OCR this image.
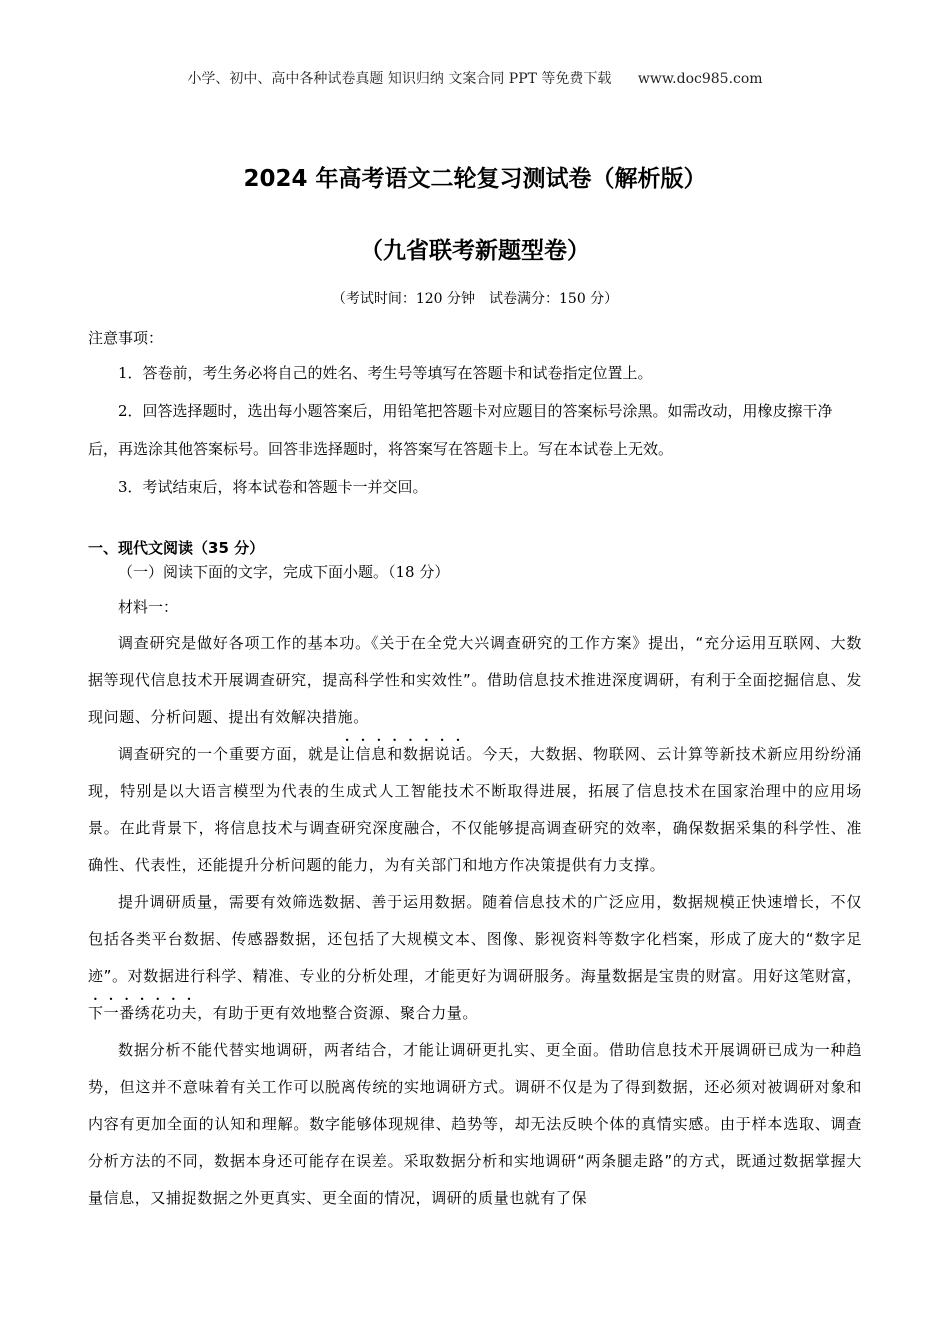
小学、初中、高中各种试卷真题 知识归纳 文案合同 PPT 等免费下载 www.doc985.com
2024 年高考语文二轮复习测试卷（解析版）
（九省联考新题型卷）
（考试时间：120 分钟 试卷满分：150 分）
注意事项：

1．答卷前，考生务必将自己的姓名、考生号等填写在答题卡和试卷指定位置上。

2．回答选择题时，选出每小题答案后，用铅笔把答题卡对应题目的答案标号涂黑。如需改动，用橡皮擦干净后，再选涂其他答案标号。回答非选择题时，将答案写在答题卡上。写在本试卷上无效。

3．考试结束后，将本试卷和答题卡一并交回。

一、现代文阅读（35 分）
（一）阅读下面的文字，完成下面小题。（18 分）
材料一：

调查研究是做好各项工作的基本功。《关于在全党大兴调查研究的工作方案》提出，“充分运用互联网、大数据等现代信息技术开展调查研究，提高科学性和实效性”。借助信息技术推进深度调研，有利于全面挖掘信息、发现问题、分析问题、提出有效解决措施。

调查研究的一个重要方面，就是让信息和数据说话。今天，大数据、物联网、云计算等新技术新应用纷纷涌现，特别是以大语言模型为代表的生成式人工智能技术不断取得进展，拓展了信息技术在国家治理中的应用场景。在此背景下，将信息技术与调查研究深度融合，不仅能够提高调查研究的效率，确保数据采集的科学性、准确性、代表性，还能提升分析问题的能力，为有关部门和地方作决策提供有力支撑。

提升调研质量，需要有效筛选数据、善于运用数据。随着信息技术的广泛应用，数据规模正快速增长，不仅包括各类平台数据、传感器数据，还包括了大规模文本、图像、影视资料等数字化档案，形成了庞大的“数字足迹”。对数据进行科学、精准、专业的分析处理，才能更好为调研服务。海量数据是宝贵的财富。用好这笔财富，下一番绣花功夫，有助于更有效地整合资源、聚合力量。

数据分析不能代替实地调研，两者结合，才能让调研更扎实、更全面。借助信息技术开展调研已成为一种趋势，但这并不意味着有关工作可以脱离传统的实地调研方式。调研不仅是为了得到数据，还必须对被调研对象和内容有更加全面的认知和理解。数字能够体现规律、趋势等，却无法反映个体的真情实感。由于样本选取、调查分析方法的不同，数据本身还可能存在误差。采取数据分析和实地调研“两条腿走路”的方式，既通过数据掌握大量信息，又捕捉数据之外更真实、更全面的情况，调研的质量也就有了保
